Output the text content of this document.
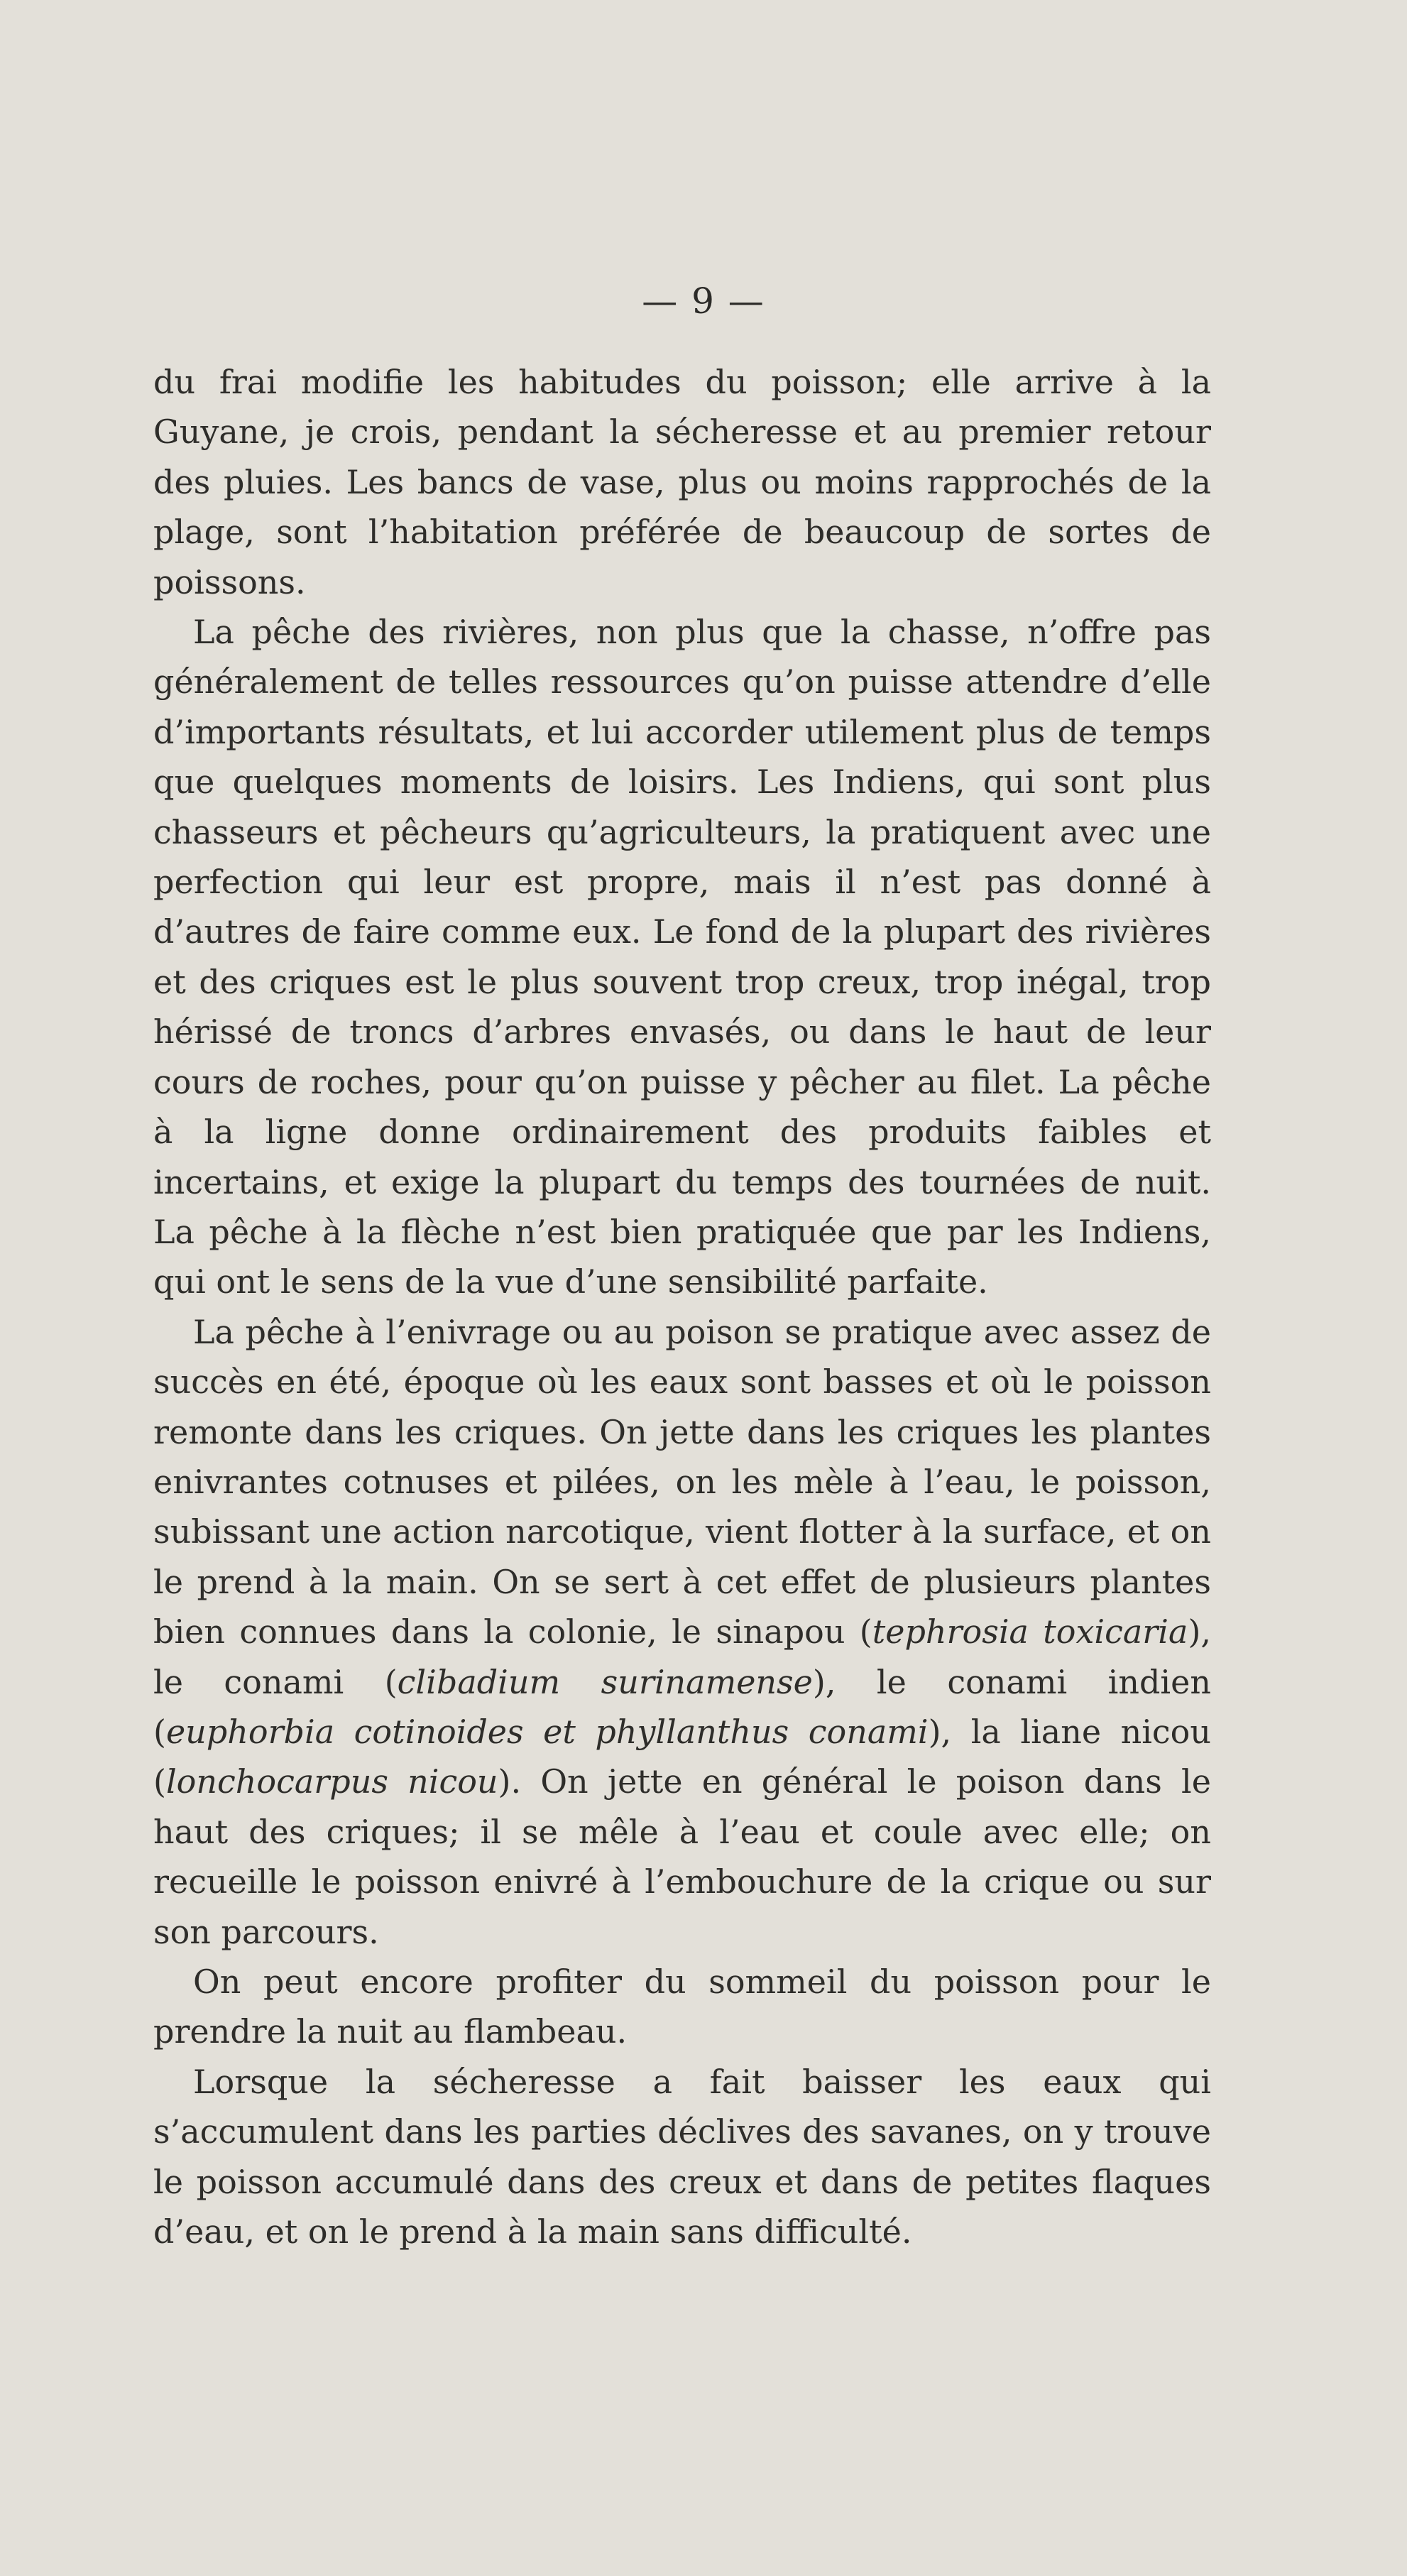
— 9 —

du frai modifie les habitudes du poisson; elle arrive à la Guyane, je crois, pendant la sécheresse et au premier retour des pluies. Les bancs de vase, plus ou moins rapprochés de la plage, sont l’habitation préférée de beaucoup de sortes de poissons.

La pêche des rivières, non plus que la chasse, n’offre pas généralement de telles ressources qu’on puisse attendre d’elle d’importants résultats, et lui accorder utilement plus de temps que quelques moments de loisirs. Les Indiens, qui sont plus chasseurs et pêcheurs qu’agriculteurs, la pratiquent avec une perfection qui leur est propre, mais il n’est pas donné à d’autres de faire comme eux. Le fond de la plupart des rivières et des criques est le plus souvent trop creux, trop inégal, trop hérissé de troncs d’arbres envasés, ou dans le haut de leur cours de roches, pour qu’on puisse y pêcher au filet. La pêche à la ligne donne ordinairement des produits faibles et incertains, et exige la plupart du temps des tournées de nuit. La pêche à la flèche n’est bien pratiquée que par les Indiens, qui ont le sens de la vue d’une sensibilité parfaite.

La pêche à l’enivrage ou au poison se pratique avec assez de succès en été, époque où les eaux sont basses et où le poisson remonte dans les criques. On jette dans les criques les plantes enivrantes cotnuses et pilées, on les mèle à l’eau, le poisson, subissant une action narcotique, vient flotter à la surface, et on le prend à la main. On se sert à cet effet de plusieurs plantes bien connues dans la colonie, le sinapou (tephrosia toxicaria), le conami (clibadium surinamense), le conami indien (euphorbia cotinoides et phyllanthus conami), la liane nicou (lonchocarpus nicou). On jette en général le poison dans le haut des criques; il se mêle à l’eau et coule avec elle; on recueille le poisson enivré à l’embouchure de la crique ou sur son parcours.

On peut encore profiter du sommeil du poisson pour le prendre la nuit au flambeau.

Lorsque la sécheresse a fait baisser les eaux qui s’accumulent dans les parties déclives des savanes, on y trouve le poisson accumulé dans des creux et dans de petites flaques d’eau, et on le prend à la main sans difficulté.
